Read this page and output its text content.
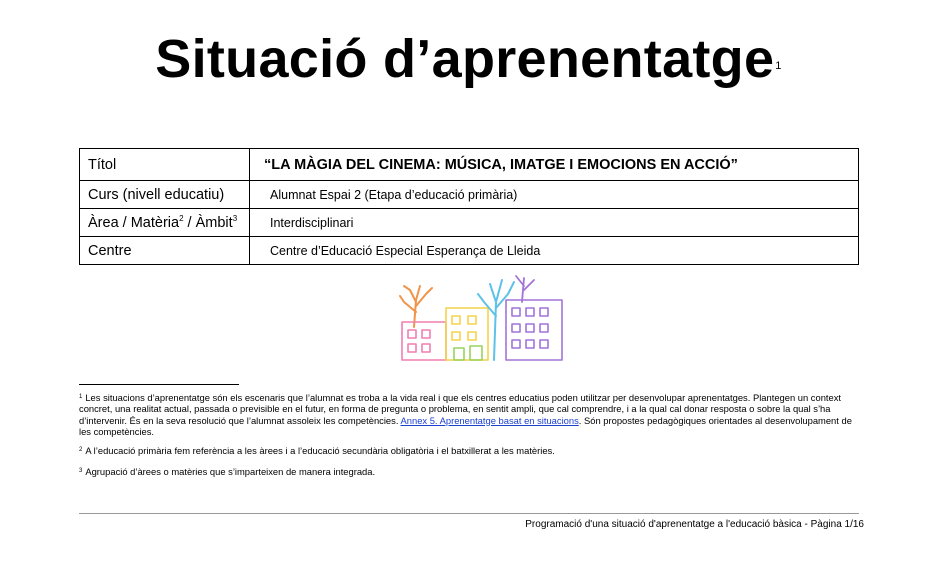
Situació d’aprenentatge$^1$
Títol	“LA MÀGIA DEL CINEMA: MÚSICA, IMATGE I EMOCIONS EN ACCIÓ”
Curs (nivell educatiu)	Alumnat Espai 2 (Etapa d’educació primària)
Àrea / Matèria$^2$ / Àmbit$^3$	Interdisciplinari
Centre	Centre d’Educació Especial Esperança de Lleida
$^1$ Les situacions d’aprenentatge són els escenaris que l’alumnat es troba a la vida real i que els centres educatius poden utilitzar per desenvolupar aprenentatges. Plantegen un context concret, una realitat actual, passada o previsible en el futur, en forma de pregunta o problema, en sentit ampli, que cal comprendre, i a la qual cal donar resposta o sobre la qual s’ha d’intervenir. És en la seva resolució que l’alumnat assoleix les competències. Annex 5. Aprenentatge basat en situacions. Són propostes pedagògiques orientades al desenvolupament de les competències.
$^2$ A l’educació primària fem referència a les àrees i a l’educació secundària obligatòria i el batxillerat a les matèries.
$^3$ Agrupació d’àrees o matèries que s’imparteixen de manera integrada.
Programació d'una situació d'aprenentatge a l'educació bàsica - Pàgina 1/16
